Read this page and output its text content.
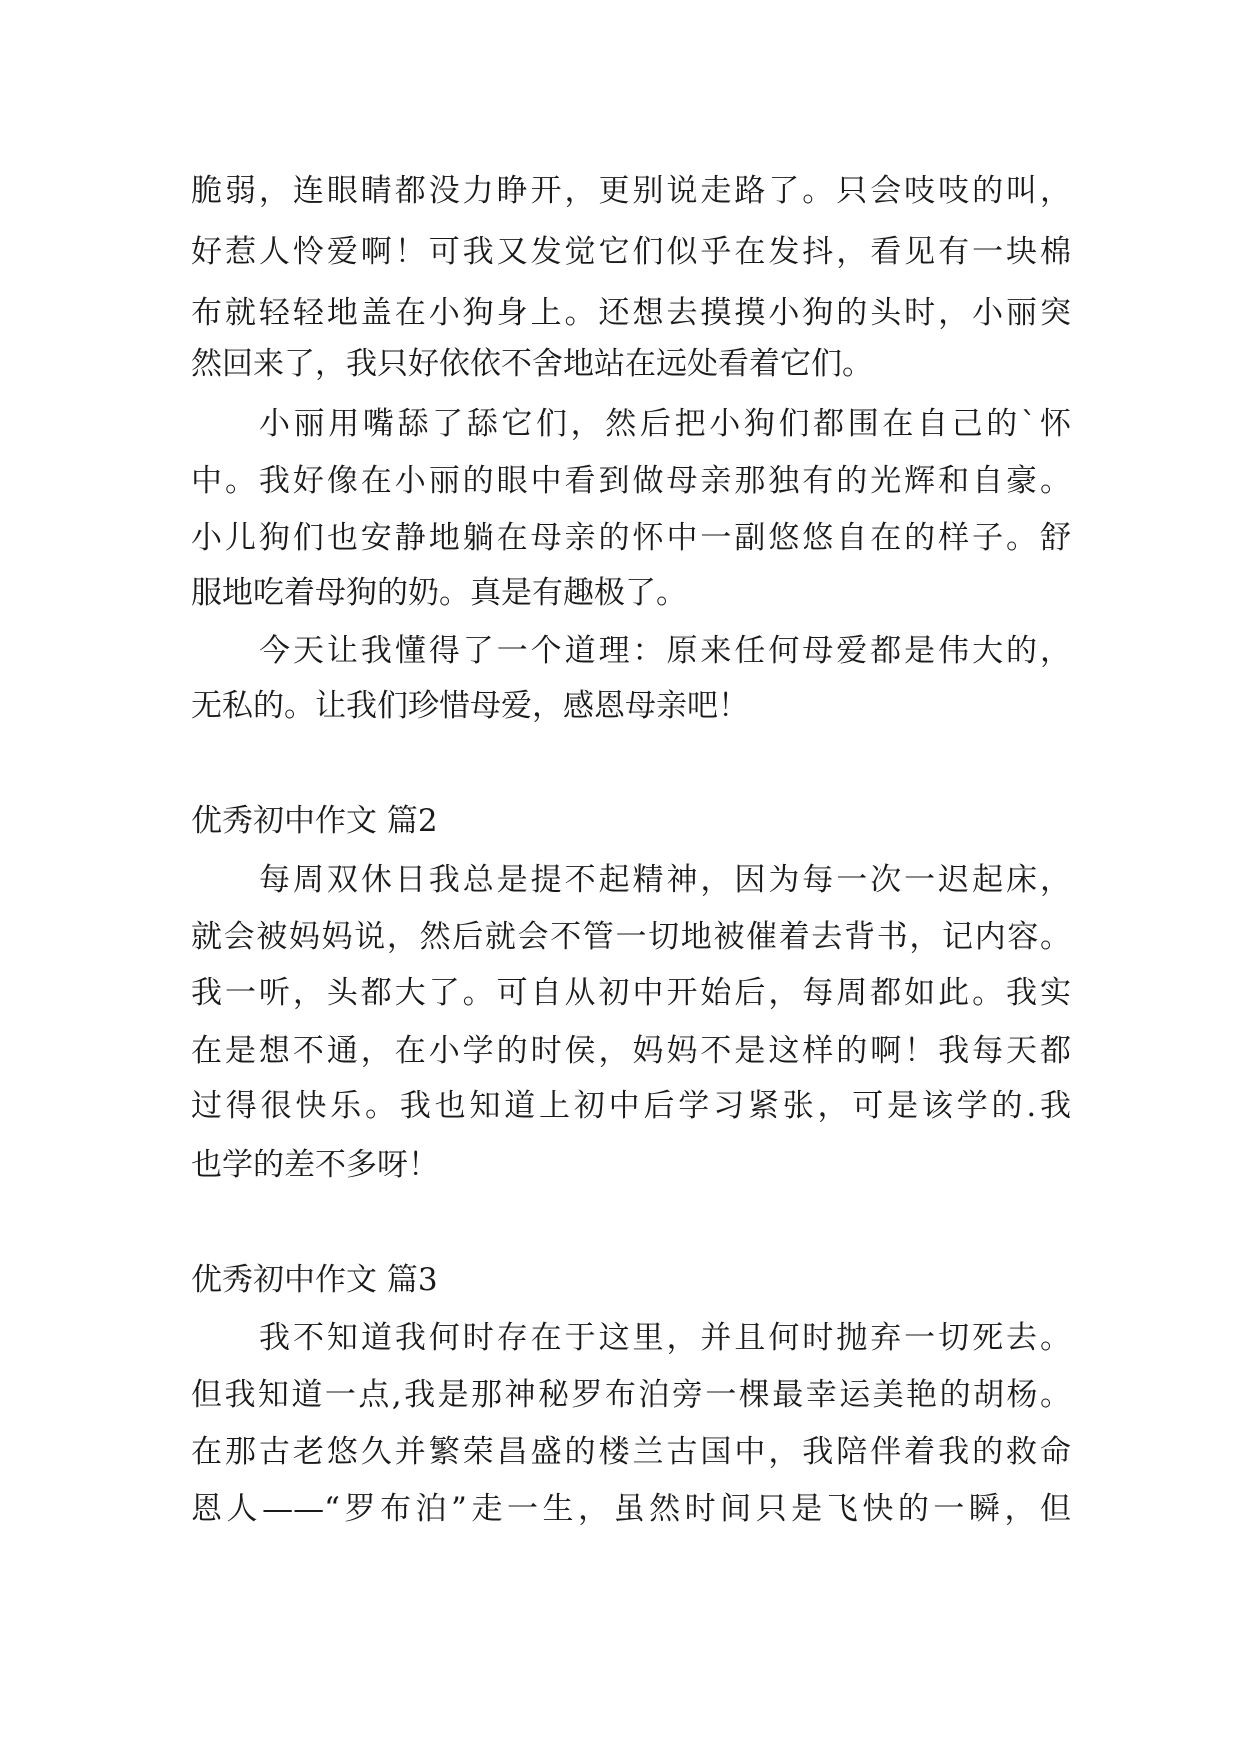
脆弱，连眼睛都没力睁开，更别说走路了。只会吱吱的叫，
好惹人怜爱啊！可我又发觉它们似乎在发抖，看见有一块棉
布就轻轻地盖在小狗身上。还想去摸摸小狗的头时，小丽突
然回来了，我只好依依不舍地站在远处看着它们。
小丽用嘴舔了舔它们，然后把小狗们都围在自己的`怀
中。我好像在小丽的眼中看到做母亲那独有的光辉和自豪。
小儿狗们也安静地躺在母亲的怀中一副悠悠自在的样子。舒
服地吃着母狗的奶。真是有趣极了。
今天让我懂得了一个道理：原来任何母爱都是伟大的，
无私的。让我们珍惜母爱，感恩母亲吧！
优秀初中作文 篇2
每周双休日我总是提不起精神，因为每一次一迟起床，
就会被妈妈说，然后就会不管一切地被催着去背书，记内容。
我一听，头都大了。可自从初中开始后，每周都如此。我实
在是想不通，在小学的时侯，妈妈不是这样的啊！我每天都
过得很快乐。我也知道上初中后学习紧张，可是该学的.我
也学的差不多呀！
优秀初中作文 篇3
我不知道我何时存在于这里，并且何时抛弃一切死去。
但我知道一点,我是那神秘罗布泊旁一棵最幸运美艳的胡杨。
在那古老悠久并繁荣昌盛的楼兰古国中，我陪伴着我的救命
恩人——“罗布泊”走一生，虽然时间只是飞快的一瞬，但
